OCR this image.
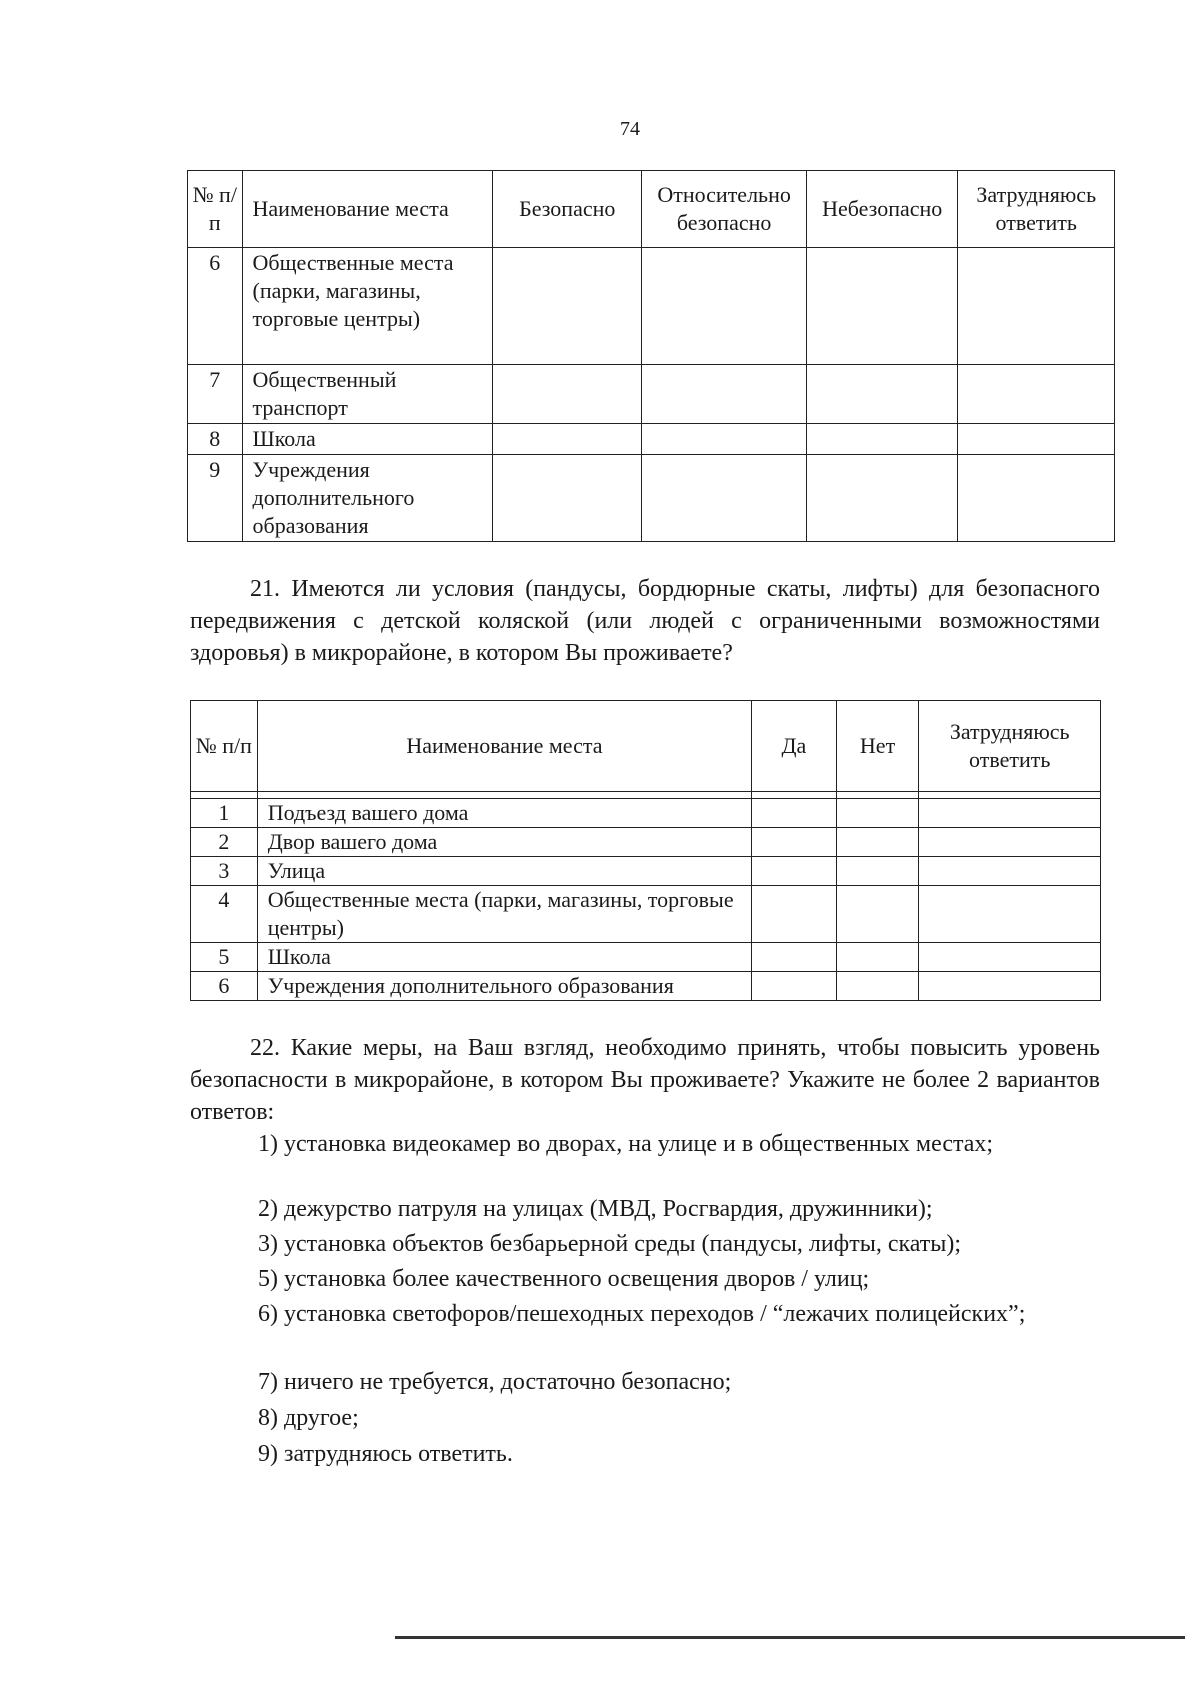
74
№ п/п	Наименование места	Безопасно	Относительно безопасно	Небезопасно	Затрудняюсь ответить
6	Общественные места (парки, магазины, торговые центры)				
7	Общественный транспорт				
8	Школа				
9	Учреждения дополнительного образования				
21. Имеются ли условия (пандусы, бордюрные скаты, лифты) для безопасного передвижения с детской коляской (или людей с ограниченными возможностями здоровья) в микрорайоне, в котором Вы проживаете?
№ п/п	Наименование места	Да	Нет	Затрудняюсь ответить

1	Подъезд вашего дома			
2	Двор вашего дома			
3	Улица			
4	Общественные места (парки, магазины, торговые центры)			
5	Школа			
6	Учреждения дополнительного образования			
22. Какие меры, на Ваш взгляд, необходимо принять, чтобы повысить уровень безопасности в микрорайоне, в котором Вы проживаете? Укажите не более 2 вариантов ответов:
1) установка видеокамер во дворах, на улице и в общественных местах;
2) дежурство патруля на улицах (МВД, Росгвардия, дружинники);
3) установка объектов безбарьерной среды (пандусы, лифты, скаты);
5) установка более качественного освещения дворов / улиц;
6) установка светофоров/пешеходных переходов / “лежачих полицейских”;
7) ничего не требуется, достаточно безопасно;
8) другое;
9) затрудняюсь ответить.
